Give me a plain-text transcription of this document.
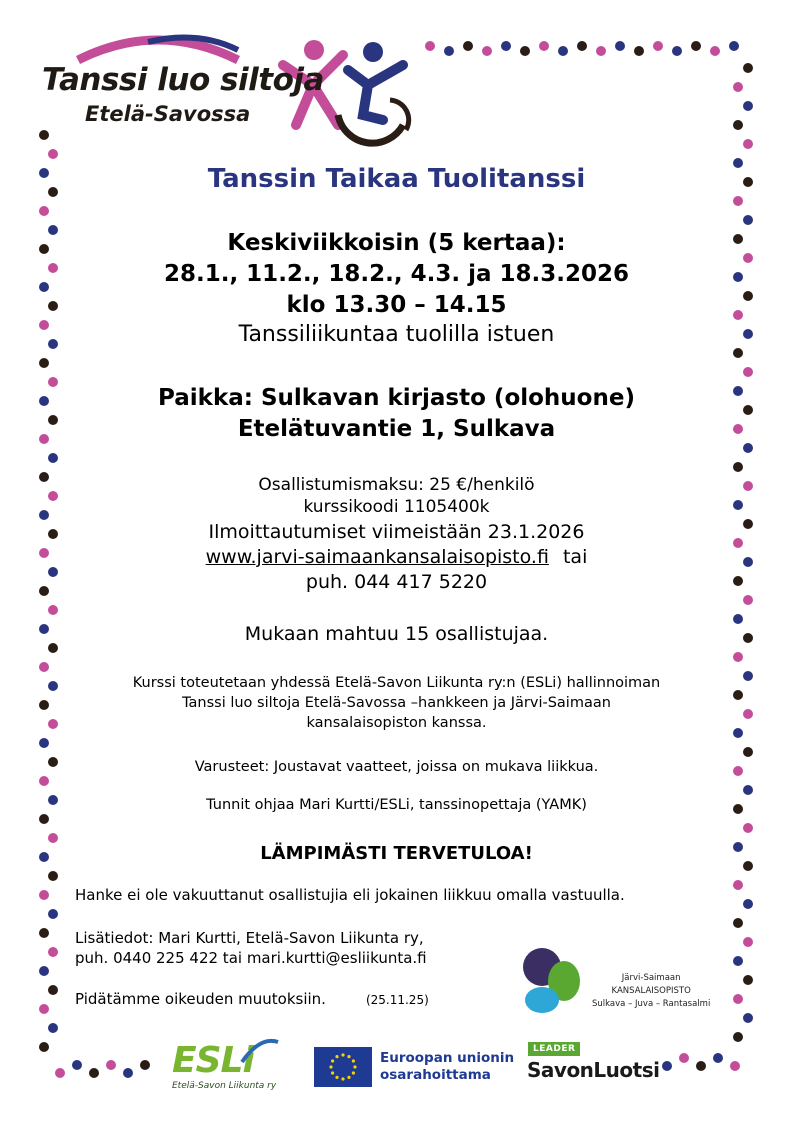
Tanssi luo siltoja
Etelä-Savossa
Tanssin Taikaa Tuolitanssi
Keskiviikkoisin (5 kertaa):
28.1., 11.2., 18.2., 4.3. ja 18.3.2026
klo 13.30 – 14.15
Tanssiliikuntaa tuolilla istuen
Paikka: Sulkavan kirjasto (olohuone)
Etelätuvantie 1, Sulkava
Osallistumismaksu: 25 €/henkilö
kurssikoodi 1105400k
Ilmoittautumiset viimeistään 23.1.2026
www.jarvi-saimaankansalaisopisto.fi tai
puh. 044 417 5220
Mukaan mahtuu 15 osallistujaa.
Kurssi toteutetaan yhdessä Etelä-Savon Liikunta ry:n (ESLi) hallinnoiman
Tanssi luo siltoja Etelä-Savossa –hankkeen ja Järvi-Saimaan
kansalaisopiston kanssa.
Varusteet: Joustavat vaatteet, joissa on mukava liikkua.
Tunnit ohjaa Mari Kurtti/ESLi, tanssinopettaja (YAMK)
LÄMPIMÄSTI TERVETULOA!
Hanke ei ole vakuuttanut osallistujia eli jokainen liikkuu omalla vastuulla.
Lisätiedot: Mari Kurtti, Etelä-Savon Liikunta ry,
puh. 0440 225 422 tai mari.kurtti@esliikunta.fi
Pidätämme oikeuden muutoksiin.	(25.11.25)
Järvi-Saimaan
KANSALAISOPISTO
Sulkava – Juva – Rantasalmi
ESLi
Etelä-Savon Liikunta ry
Euroopan unionin
osarahoittama
LEADER
SavonLuotsi
